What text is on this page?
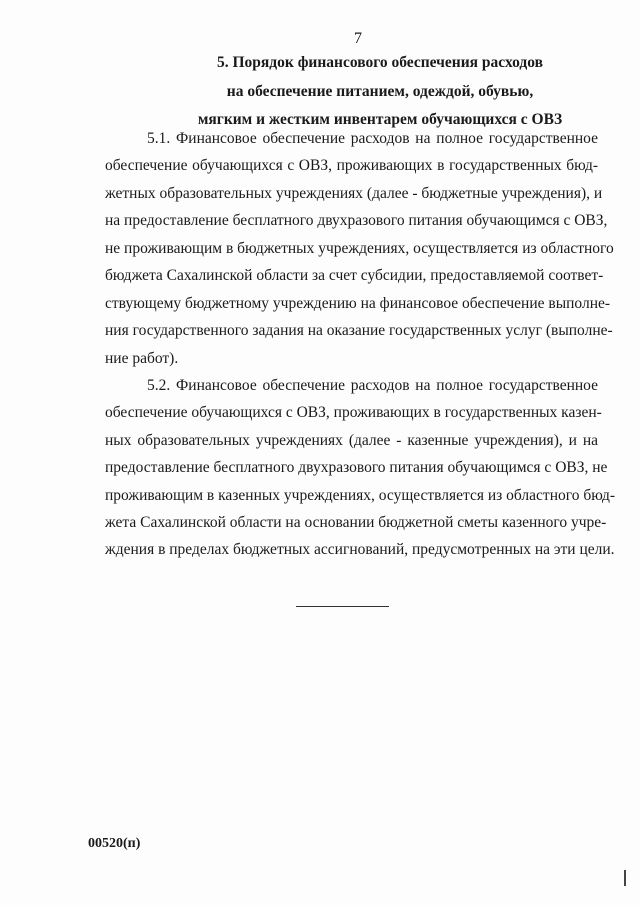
7
5. Порядок финансового обеспечения расходов
на обеспечение питанием, одеждой, обувью,
мягким и жестким инвентарем обучающихся с ОВЗ
5.1. Финансовое обеспечение расходов на полное государственное
обеспечение обучающихся с ОВЗ, проживающих в государственных бюд-
жетных образовательных учреждениях (далее - бюджетные учреждения), и
на предоставление бесплатного двухразового питания обучающимся с ОВЗ,
не проживающим в бюджетных учреждениях, осуществляется из областного
бюджета Сахалинской области за счет субсидии, предоставляемой соответ-
ствующему бюджетному учреждению на финансовое обеспечение выполне-
ния государственного задания на оказание государственных услуг (выполне-
ние работ).
5.2. Финансовое обеспечение расходов на полное государственное
обеспечение обучающихся с ОВЗ, проживающих в государственных казен-
ных образовательных учреждениях (далее - казенные учреждения), и на
предоставление бесплатного двухразового питания обучающимся с ОВЗ, не
проживающим в казенных учреждениях, осуществляется из областного бюд-
жета Сахалинской области на основании бюджетной сметы казенного учре-
ждения в пределах бюджетных ассигнований, предусмотренных на эти цели.
00520(п)
